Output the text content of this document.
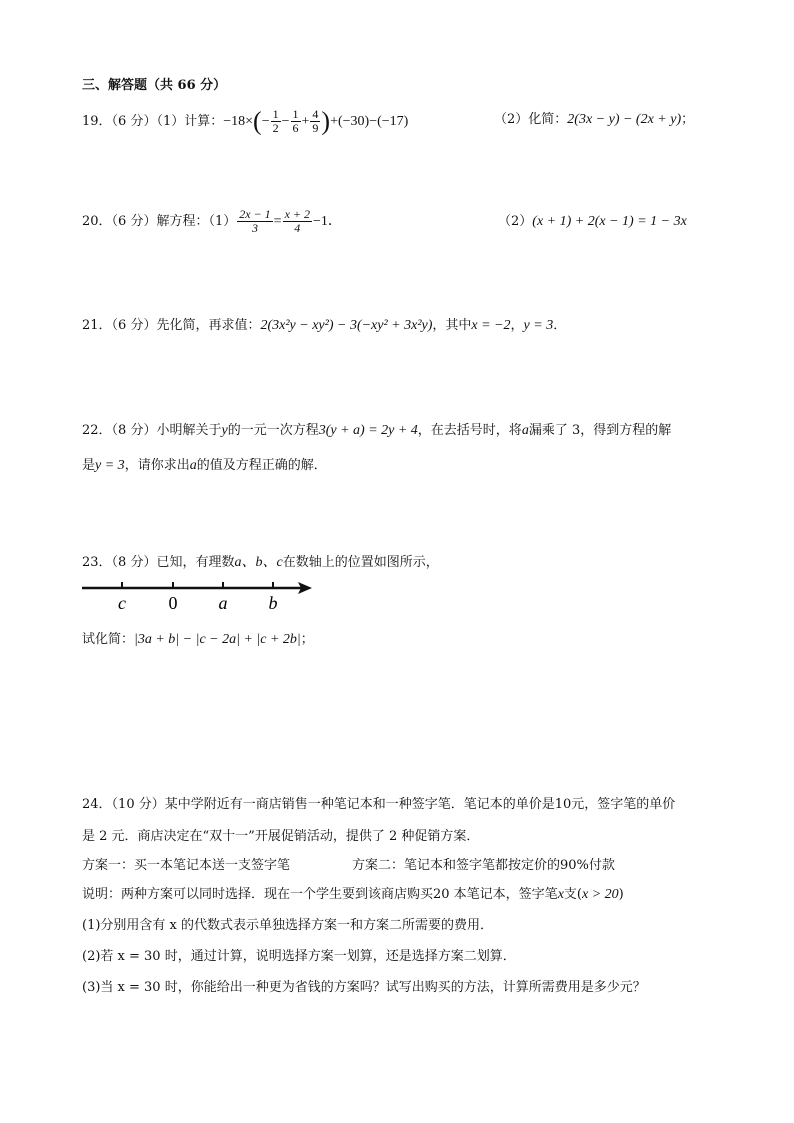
三、解答题（共 66 分）
19．（6 分）（1）计算：$-18\times(- \frac{1}{2} - \frac{1}{6} + \frac{4}{9} )+(-30)-(-17)$	（2）化简：2(3x − y) − (2x + y)；
20．（6 分）解方程：$(1) \frac{2x - 1}{3} = \frac{x + 2}{4} -1$．	（2）(x + 1) + 2(x − 1) = 1 − 3x
21．（6 分）先化简，再求值：2(3x²y − xy²) − 3(−xy² + 3x²y)，其中x = −2，y = 3．
22．（8 分）小明解关于y的一元一次方程3(y + a) = 2y + 4，在去括号时，将a漏乘了 3，得到方程的解
是y = 3，请你求出a的值及方程正确的解．
23．（8 分）已知，有理数a、b、c在数轴上的位置如图所示，
c 0 a b
试化简：|3a + b| − |c − 2a| + |c + 2b|；
24．（10 分）某中学附近有一商店销售一种笔记本和一种签字笔．笔记本的单价是10元，签字笔的单价
是 2 元．商店决定在“双十一”开展促销活动，提供了 2 种促销方案．
方案一：买一本笔记本送一支签字笔	方案二：笔记本和签字笔都按定价的90%付款
说明：两种方案可以同时选择．现在一个学生要到该商店购买20 本笔记本，签字笔x支(x > 20)
(1)分别用含有 x 的代数式表示单独选择方案一和方案二所需要的费用．
(2)若 x = 30 时，通过计算，说明选择方案一划算，还是选择方案二划算．
(3)当 x = 30 时，你能给出一种更为省钱的方案吗？试写出购买的方法，计算所需费用是多少元？
